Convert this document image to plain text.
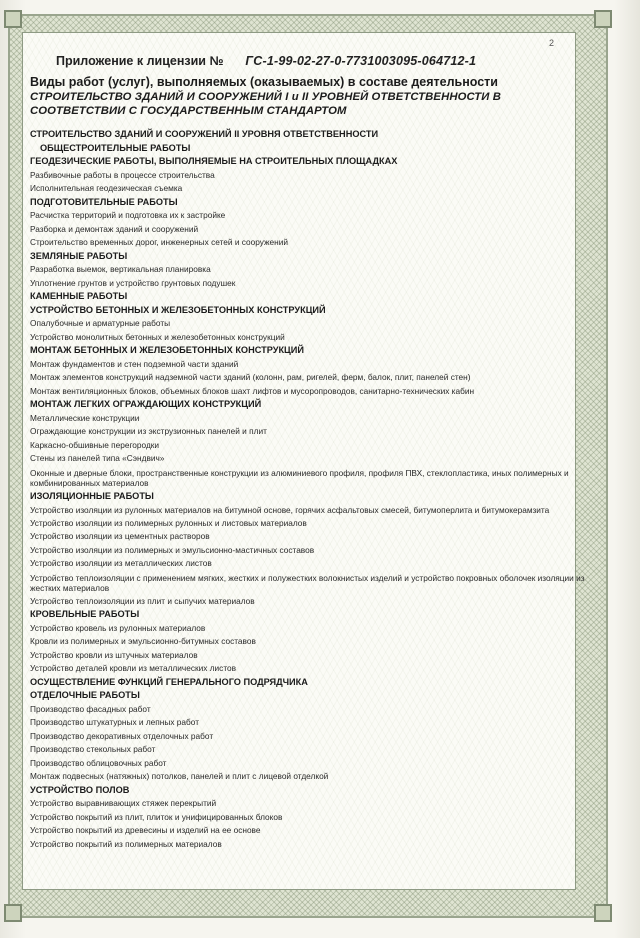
2
Приложение к лицензии № ГС-1-99-02-27-0-7731003095-064712-1
Виды работ (услуг), выполняемых (оказываемых) в составе деятельности
СТРОИТЕЛЬСТВО ЗДАНИЙ И СООРУЖЕНИЙ I и II УРОВНЕЙ ОТВЕТСТВЕННОСТИ В СООТВЕТСТВИИ С ГОСУДАРСТВЕННЫМ СТАНДАРТОМ
СТРОИТЕЛЬСТВО ЗДАНИЙ И СООРУЖЕНИЙ II УРОВНЯ ОТВЕТСТВЕННОСТИ
ОБЩЕСТРОИТЕЛЬНЫЕ РАБОТЫ
ГЕОДЕЗИЧЕСКИЕ РАБОТЫ, ВЫПОЛНЯЕМЫЕ НА СТРОИТЕЛЬНЫХ ПЛОЩАДКАХ
Разбивочные работы в процессе строительства
Исполнительная геодезическая съемка
ПОДГОТОВИТЕЛЬНЫЕ РАБОТЫ
Расчистка территорий и подготовка их к застройке
Разборка и демонтаж зданий и сооружений
Строительство временных дорог, инженерных сетей и сооружений
ЗЕМЛЯНЫЕ РАБОТЫ
Разработка выемок, вертикальная планировка
Уплотнение грунтов и устройство грунтовых подушек
КАМЕННЫЕ РАБОТЫ
УСТРОЙСТВО БЕТОННЫХ И ЖЕЛЕЗОБЕТОННЫХ КОНСТРУКЦИЙ
Опалубочные и арматурные работы
Устройство монолитных бетонных и железобетонных конструкций
МОНТАЖ БЕТОННЫХ И ЖЕЛЕЗОБЕТОННЫХ КОНСТРУКЦИЙ
Монтаж фундаментов и стен подземной части зданий
Монтаж элементов конструкций надземной части зданий (колонн, рам, ригелей, ферм, балок, плит, панелей стен)
Монтаж вентиляционных блоков, объемных блоков шахт лифтов и мусоропроводов, санитарно-технических кабин
МОНТАЖ ЛЕГКИХ ОГРАЖДАЮЩИХ КОНСТРУКЦИЙ
Металлические конструкции
Ограждающие конструкции из экструзионных панелей и плит
Каркасно-обшивные перегородки
Стены из панелей типа «Сэндвич»
Оконные и дверные блоки, пространственные конструкции из алюминиевого профиля, профиля ПВХ, стеклопластика, иных полимерных и комбинированных материалов
ИЗОЛЯЦИОННЫЕ РАБОТЫ
Устройство изоляции из рулонных материалов на битумной основе, горячих асфальтовых смесей, битумоперлита и битумокерамзита
Устройство изоляции из полимерных рулонных и листовых материалов
Устройство изоляции из цементных растворов
Устройство изоляции из полимерных и эмульсионно-мастичных составов
Устройство изоляции из металлических листов
Устройство теплоизоляции с применением мягких, жестких и полужестких волокнистых изделий и устройство покровных оболочек изоляции из жестких материалов
Устройство теплоизоляции из плит и сыпучих материалов
КРОВЕЛЬНЫЕ РАБОТЫ
Устройство кровель из рулонных материалов
Кровли из полимерных и эмульсионно-битумных составов
Устройство кровли из штучных материалов
Устройство деталей кровли из металлических листов
ОСУЩЕСТВЛЕНИЕ ФУНКЦИЙ ГЕНЕРАЛЬНОГО ПОДРЯДЧИКА
ОТДЕЛОЧНЫЕ РАБОТЫ
Производство фасадных работ
Производство штукатурных и лепных работ
Производство декоративных отделочных работ
Производство стекольных работ
Производство облицовочных работ
Монтаж подвесных (натяжных) потолков, панелей и плит с лицевой отделкой
УСТРОЙСТВО ПОЛОВ
Устройство выравнивающих стяжек перекрытий
Устройство покрытий из плит, плиток и унифицированных блоков
Устройство покрытий из древесины и изделий на ее основе
Устройство покрытий из полимерных материалов
